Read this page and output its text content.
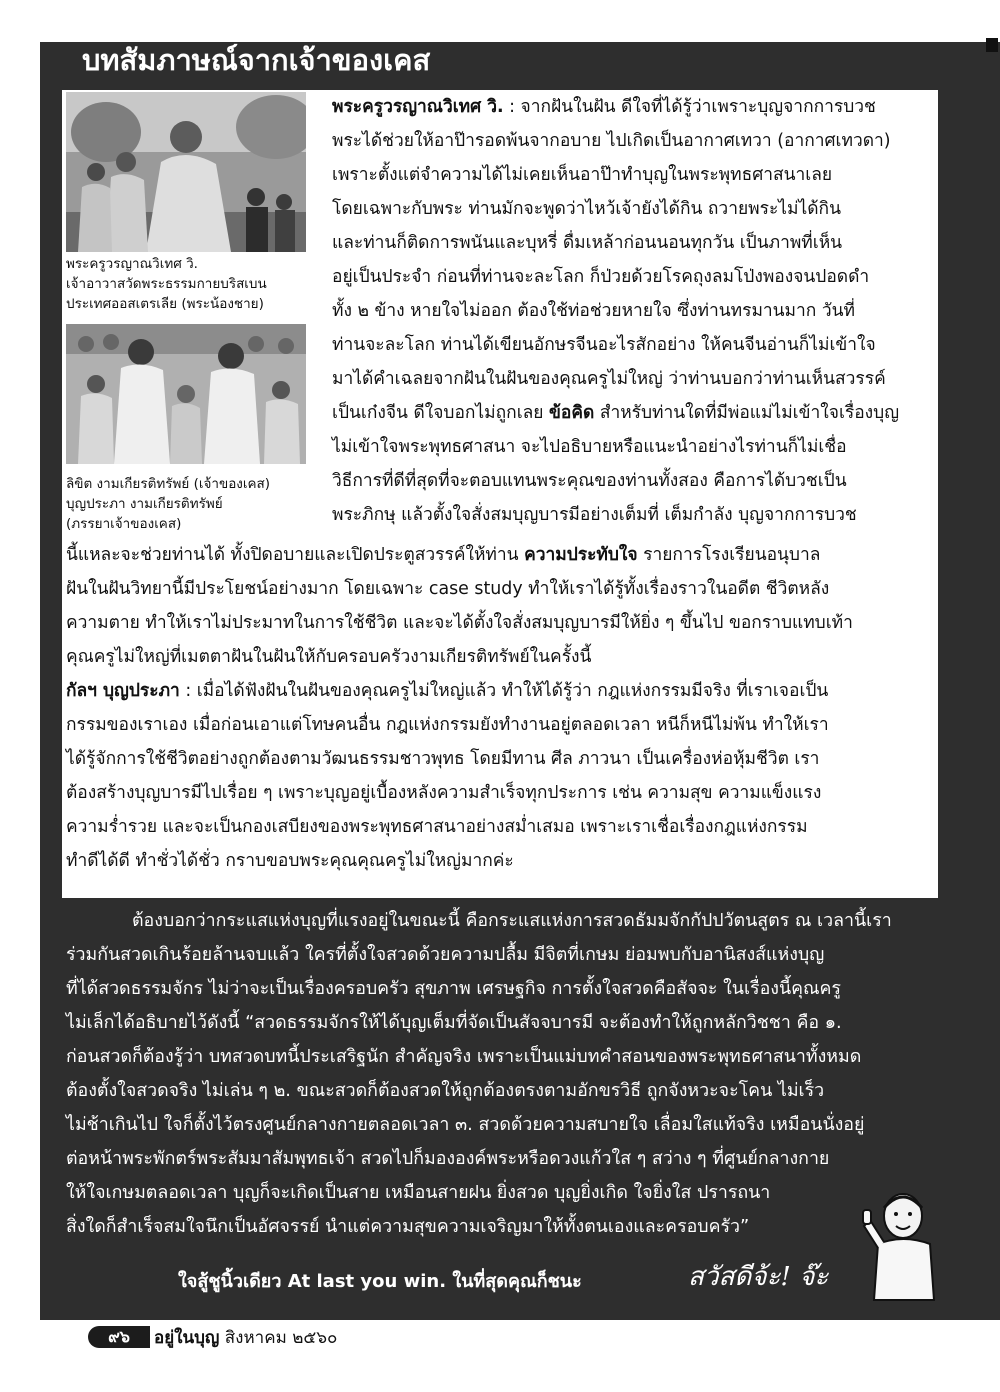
บทสัมภาษณ์จากเจ้าของเคส
พระครูวรญาณวิเทศ วิ.
เจ้าอาวาสวัดพระธรรมกายบริสเบน
ประเทศออสเตรเลีย (พระน้องชาย)
ลิขิต งามเกียรติทรัพย์ (เจ้าของเคส)
บุญประภา งามเกียรติทรัพย์
(ภรรยาเจ้าของเคส)
พระครูวรญาณวิเทศ วิ. : จากฝันในฝัน ดีใจที่ได้รู้ว่าเพราะบุญจากการบวช
พระได้ช่วยให้อาป๊ารอดพ้นจากอบาย ไปเกิดเป็นอากาศเทวา (อากาศเทวดา)
เพราะตั้งแต่จำความได้ไม่เคยเห็นอาป๊าทำบุญในพระพุทธศาสนาเลย
โดยเฉพาะกับพระ ท่านมักจะพูดว่าไหว้เจ้ายังได้กิน ถวายพระไม่ได้กิน
และท่านก็ติดการพนันและบุหรี่ ดื่มเหล้าก่อนนอนทุกวัน เป็นภาพที่เห็น
อยู่เป็นประจำ ก่อนที่ท่านจะละโลก ก็ป่วยด้วยโรคถุงลมโป่งพองจนปอดดำ
ทั้ง ๒ ข้าง หายใจไม่ออก ต้องใช้ท่อช่วยหายใจ ซึ่งท่านทรมานมาก วันที่
ท่านจะละโลก ท่านได้เขียนอักษรจีนอะไรสักอย่าง ให้คนจีนอ่านก็ไม่เข้าใจ
มาได้คำเฉลยจากฝันในฝันของคุณครูไม่ใหญ่ ว่าท่านบอกว่าท่านเห็นสวรรค์
เป็นเก๋งจีน ดีใจบอกไม่ถูกเลย ข้อคิด สำหรับท่านใดที่มีพ่อแม่ไม่เข้าใจเรื่องบุญ
ไม่เข้าใจพระพุทธศาสนา จะไปอธิบายหรือแนะนำอย่างไรท่านก็ไม่เชื่อ
วิธีการที่ดีที่สุดที่จะตอบแทนพระคุณของท่านทั้งสอง คือการได้บวชเป็น
พระภิกษุ แล้วตั้งใจสั่งสมบุญบารมีอย่างเต็มที่ เต็มกำลัง บุญจากการบวช
นี้แหละจะช่วยท่านได้ ทั้งปิดอบายและเปิดประตูสวรรค์ให้ท่าน ความประทับใจ รายการโรงเรียนอนุบาล
ฝันในฝันวิทยานี้มีประโยชน์อย่างมาก โดยเฉพาะ case study ทำให้เราได้รู้ทั้งเรื่องราวในอดีต ชีวิตหลัง
ความตาย ทำให้เราไม่ประมาทในการใช้ชีวิต และจะได้ตั้งใจสั่งสมบุญบารมีให้ยิ่ง ๆ ขึ้นไป ขอกราบแทบเท้า
คุณครูไม่ใหญ่ที่เมตตาฝันในฝันให้กับครอบครัวงามเกียรติทรัพย์ในครั้งนี้
กัลฯ บุญประภา : เมื่อได้ฟังฝันในฝันของคุณครูไม่ใหญ่แล้ว ทำให้ได้รู้ว่า กฎแห่งกรรมมีจริง ที่เราเจอเป็น
กรรมของเราเอง เมื่อก่อนเอาแต่โทษคนอื่น กฎแห่งกรรมยังทำงานอยู่ตลอดเวลา หนีก็หนีไม่พ้น ทำให้เรา
ได้รู้จักการใช้ชีวิตอย่างถูกต้องตามวัฒนธรรมชาวพุทธ โดยมีทาน ศีล ภาวนา เป็นเครื่องห่อหุ้มชีวิต เรา
ต้องสร้างบุญบารมีไปเรื่อย ๆ เพราะบุญอยู่เบื้องหลังความสำเร็จทุกประการ เช่น ความสุข ความแข็งแรง
ความร่ำรวย และจะเป็นกองเสบียงของพระพุทธศาสนาอย่างสม่ำเสมอ เพราะเราเชื่อเรื่องกฎแห่งกรรม
ทำดีได้ดี ทำชั่วได้ชั่ว กราบขอบพระคุณคุณครูไม่ใหญ่มากค่ะ
ต้องบอกว่ากระแสแห่งบุญที่แรงอยู่ในขณะนี้ คือกระแสแห่งการสวดธัมมจักกัปปวัตนสูตร ณ เวลานี้เรา
ร่วมกันสวดเกินร้อยล้านจบแล้ว ใครที่ตั้งใจสวดด้วยความปลื้ม มีจิตที่เกษม ย่อมพบกับอานิสงส์แห่งบุญ
ที่ได้สวดธรรมจักร ไม่ว่าจะเป็นเรื่องครอบครัว สุขภาพ เศรษฐกิจ การตั้งใจสวดคือสัจจะ ในเรื่องนี้คุณครู
ไม่เล็กได้อธิบายไว้ดังนี้ “สวดธรรมจักรให้ได้บุญเต็มที่จัดเป็นสัจจบารมี จะต้องทำให้ถูกหลักวิชชา คือ ๑.
ก่อนสวดก็ต้องรู้ว่า บทสวดบทนี้ประเสริฐนัก สำคัญจริง เพราะเป็นแม่บทคำสอนของพระพุทธศาสนาทั้งหมด
ต้องตั้งใจสวดจริง ไม่เล่น ๆ ๒. ขณะสวดก็ต้องสวดให้ถูกต้องตรงตามอักขรวิธี ถูกจังหวะจะโคน ไม่เร็ว
ไม่ช้าเกินไป ใจก็ตั้งไว้ตรงศูนย์กลางกายตลอดเวลา ๓. สวดด้วยความสบายใจ เลื่อมใสแท้จริง เหมือนนั่งอยู่
ต่อหน้าพระพักตร์พระสัมมาสัมพุทธเจ้า สวดไปก็มององค์พระหรือดวงแก้วใส ๆ สว่าง ๆ ที่ศูนย์กลางกาย
ให้ใจเกษมตลอดเวลา บุญก็จะเกิดเป็นสาย เหมือนสายฝน ยิ่งสวด บุญยิ่งเกิด ใจยิ่งใส ปรารถนา
สิ่งใดก็สำเร็จสมใจนึกเป็นอัศจรรย์ นำแต่ความสุขความเจริญมาให้ทั้งตนเองและครอบครัว”
ใจสู้ชูนิ้วเดียว At last you win. ในที่สุดคุณก็ชนะ	สวัสดีจ้ะ! จ๊ะ
๙๖	อยู่ในบุญ สิงหาคม ๒๕๖๐
